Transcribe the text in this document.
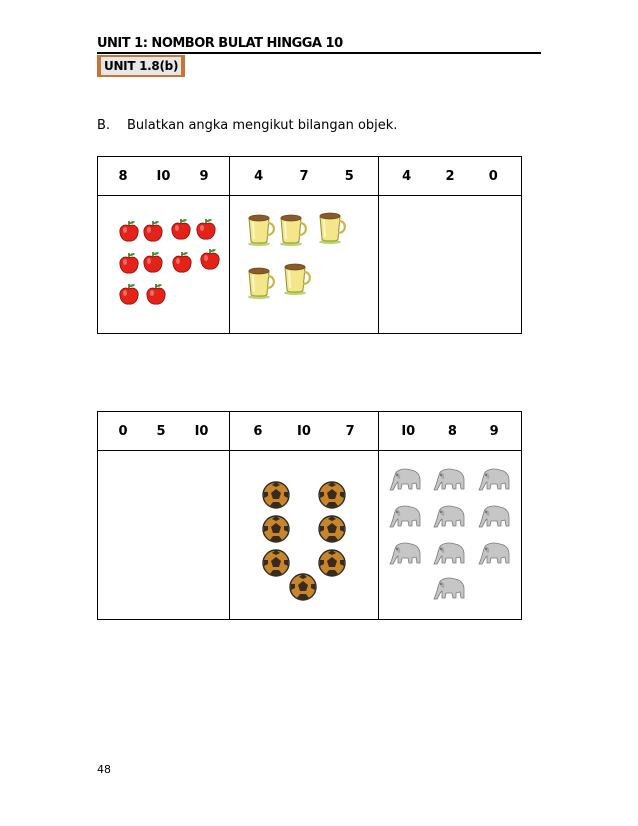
UNIT 1: NOMBOR BULAT HINGGA 10
UNIT 1.8(b)
B. Bulatkan angka mengikut bilangan objek.
8 I0 9	4 7 5	4 2 0

0 5 I0	6 I0 7	I0 8 9

48
